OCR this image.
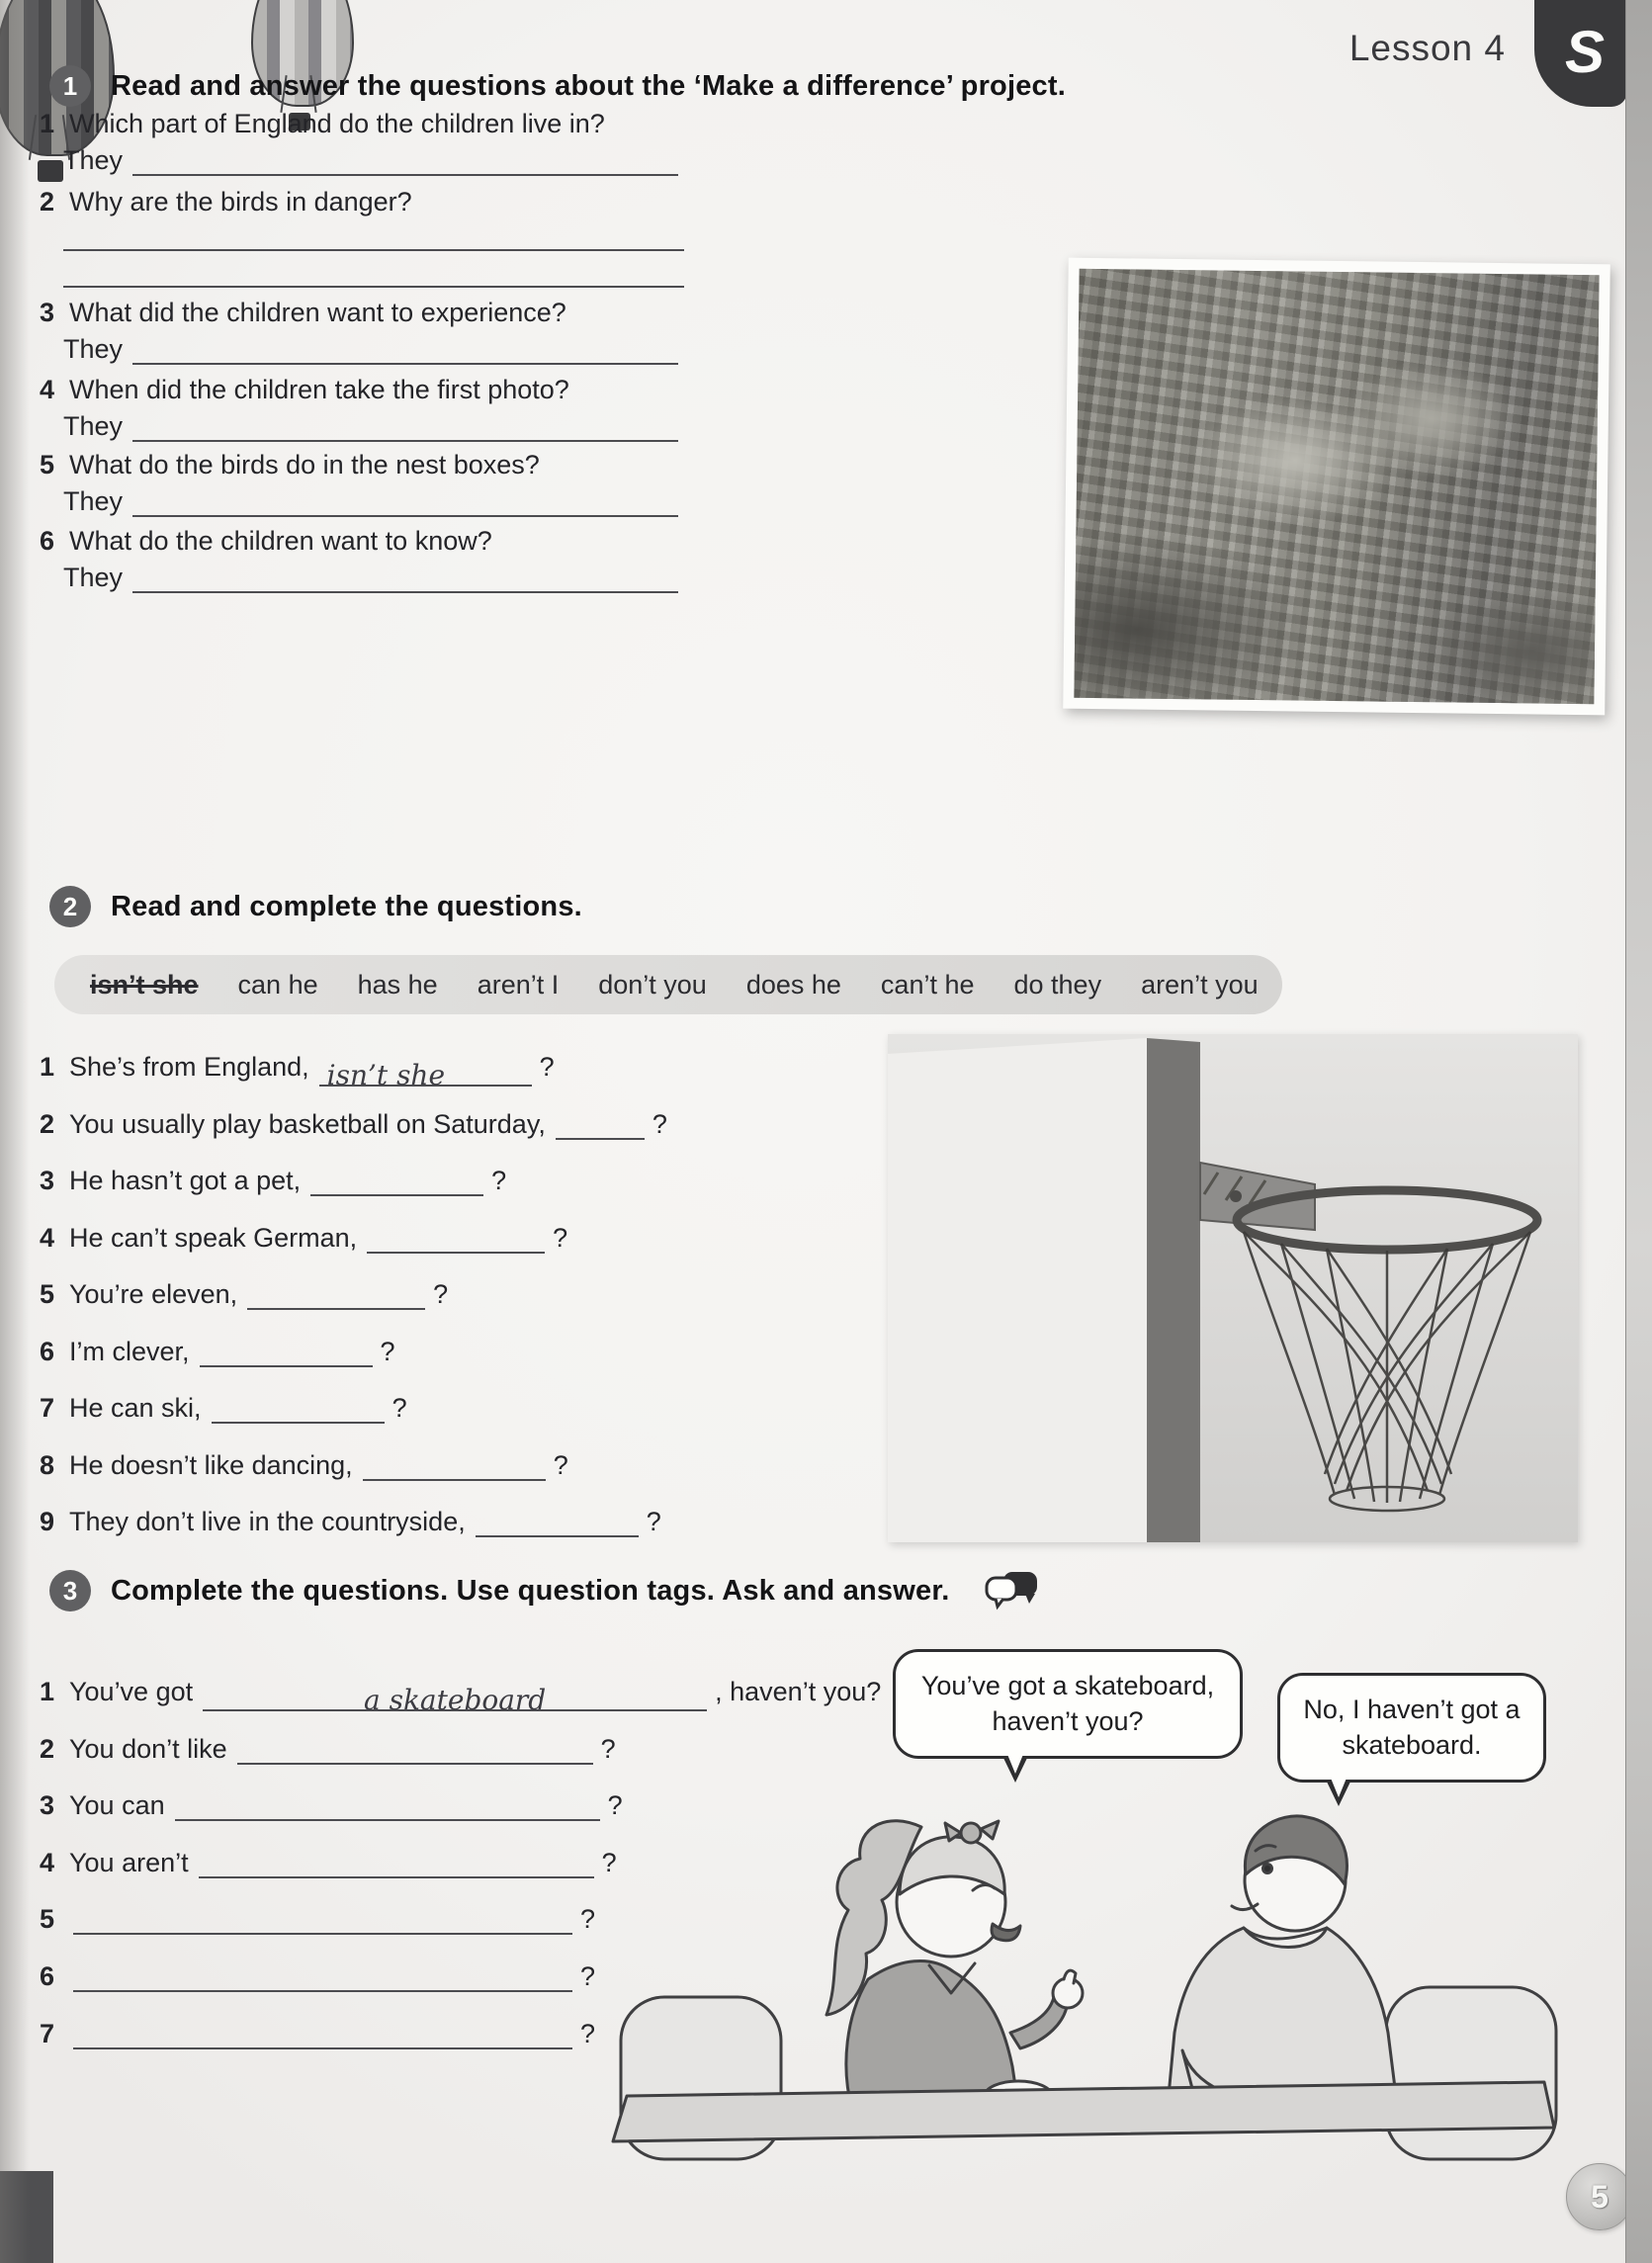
Lesson 4 S
1	Read and answer the questions about the ‘Make a difference’ project.
1 Which part of England do the children live in?
They
2 Why are the birds in danger?
3 What did the children want to experience?
They
4 When did the children take the first photo?
They
5 What do the birds do in the nest boxes?
They
6 What do the children want to know?
They
2	Read and complete the questions.
isn’t she can he has he aren’t I don’t you does he can’t he do they aren’t you
1 She’s from England, isn’t she	?
2 You usually play basketball on Saturday,	?
3 He hasn’t got a pet,	?
4 He can’t speak German,	?
5 You’re eleven,	?
6 I’m clever,	?
7 He can ski,	?
8 He doesn’t like dancing,	?
9 They don’t live in the countryside,	?
3	Complete the questions. Use question tags. Ask and answer.
1 You’ve got	a skateboard	, haven’t you?
2 You don’t like	?
3 You can	?
4 You aren’t	?
5	?
6	?
7	?
You’ve got a skateboard, haven’t you?	No, I haven’t got a skateboard.
5
